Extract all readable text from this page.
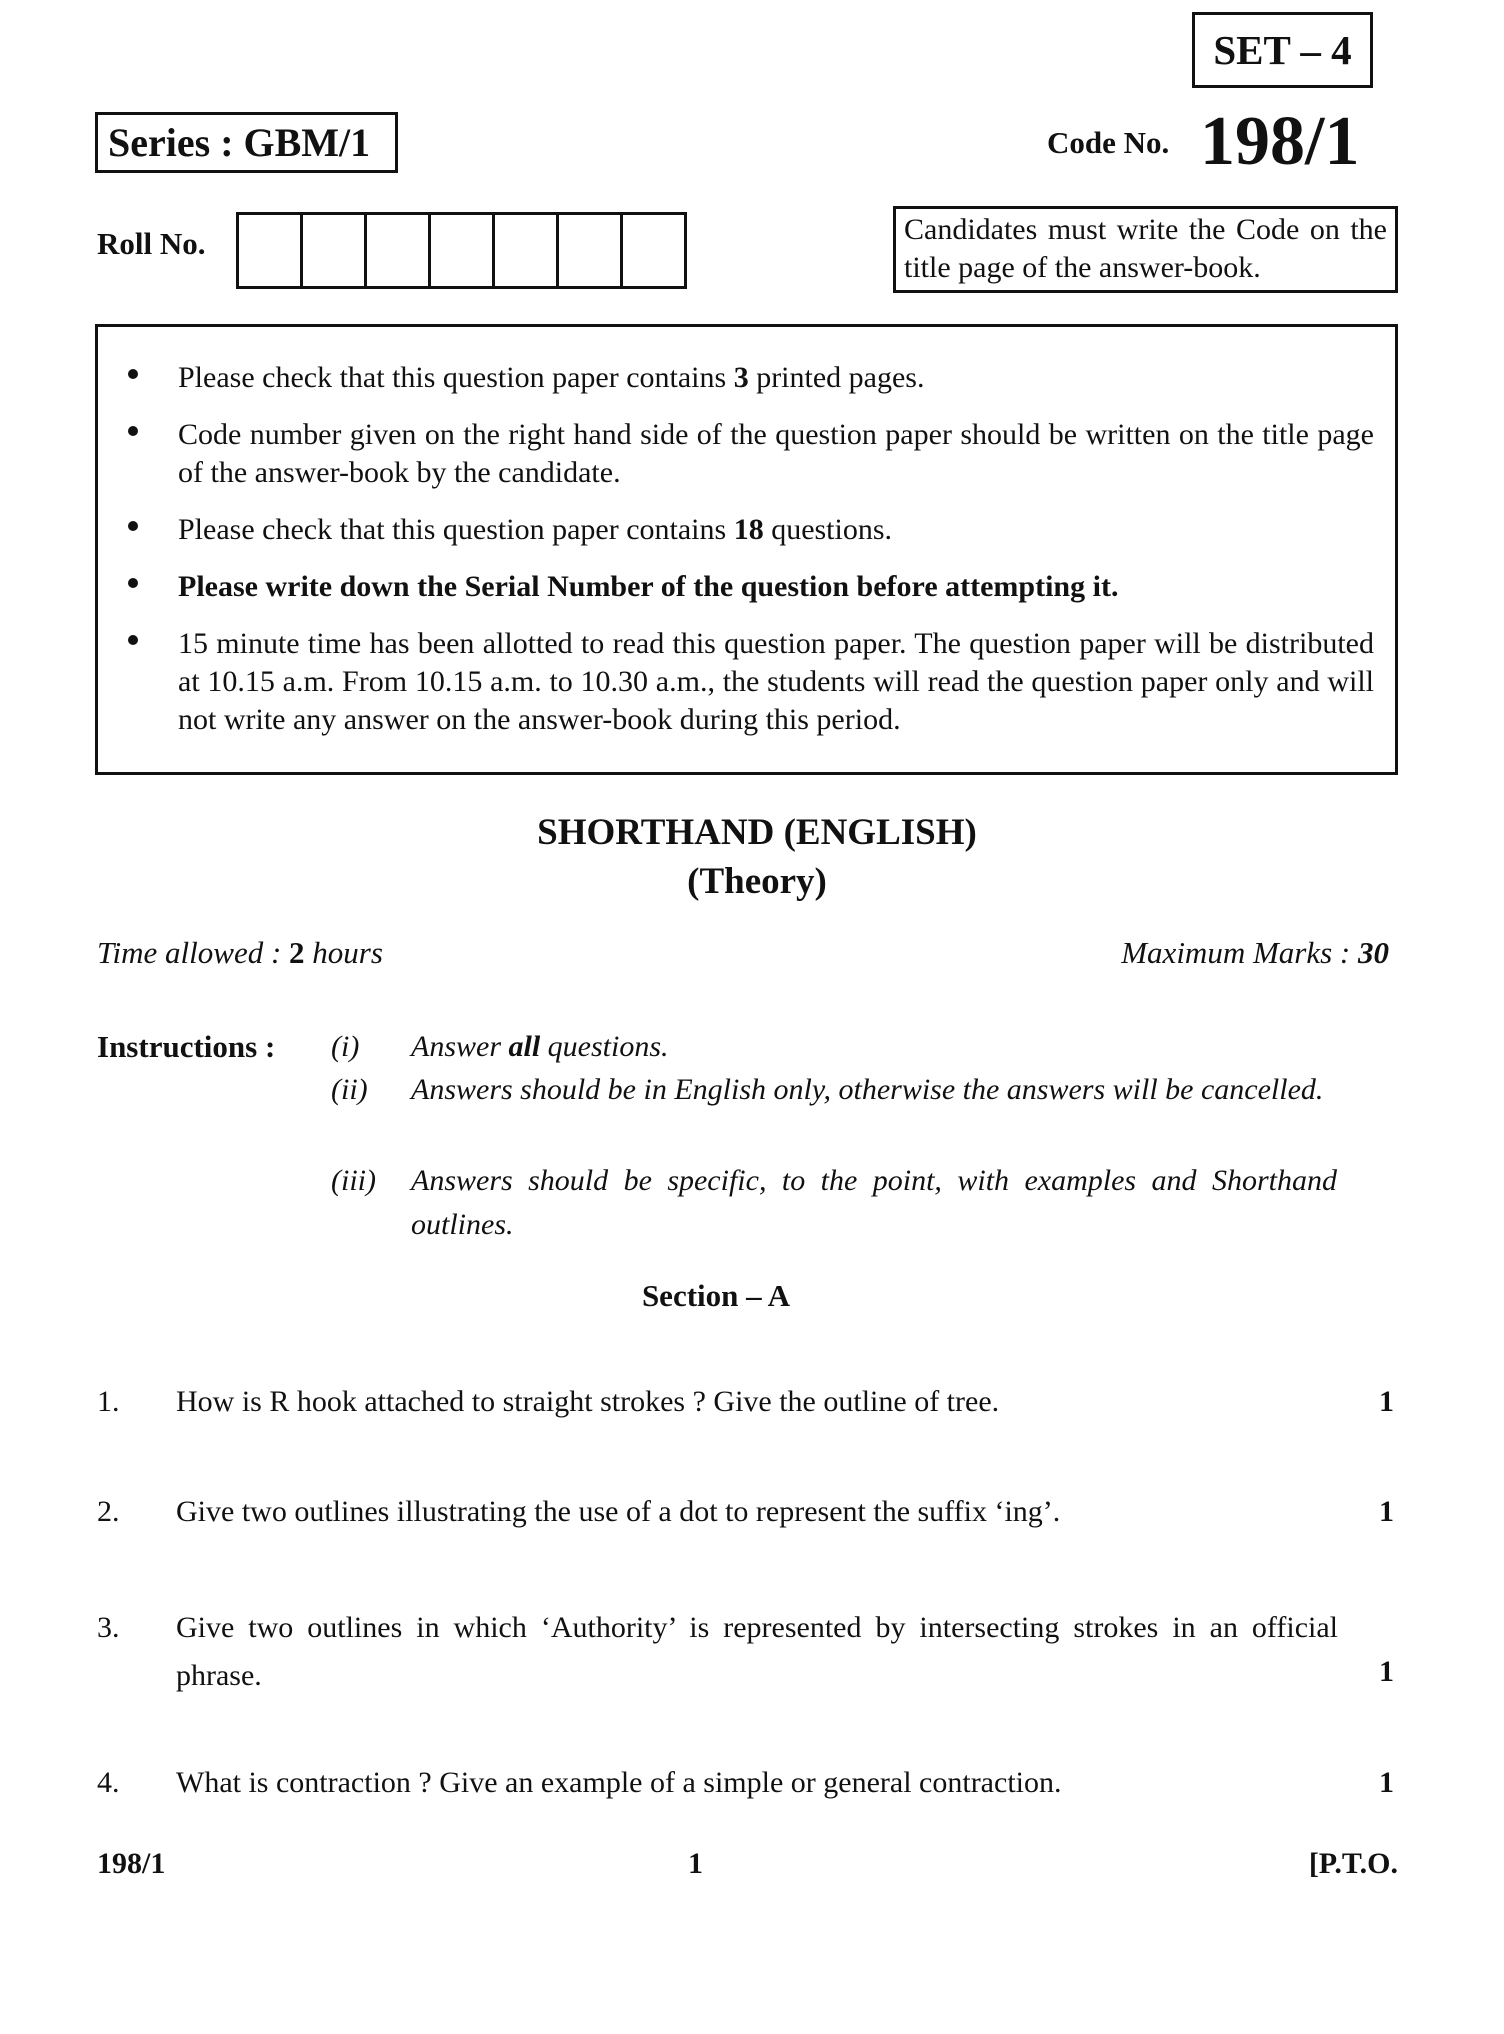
SET – 4
Series : GBM/1	Code No. 198/1
Roll No.	Candidates must write the Code on the title page of the answer-book.
Please check that this question paper contains 3 printed pages.
Code number given on the right hand side of the question paper should be written on the title page of the answer-book by the candidate.
Please check that this question paper contains 18 questions.
Please write down the Serial Number of the question before attempting it.
15 minute time has been allotted to read this question paper. The question paper will be distributed at 10.15 a.m. From 10.15 a.m. to 10.30 a.m., the students will read the question paper only and will not write any answer on the answer-book during this period.
SHORTHAND (ENGLISH)
(Theory)
Time allowed : 2 hours	Maximum Marks : 30
Instructions : (i) Answer all questions.
(ii) Answers should be in English only, otherwise the answers will be cancelled.
(iii) Answers should be specific, to the point, with examples and Shorthand outlines.
Section – A
1. How is R hook attached to straight strokes ? Give the outline of tree.	1
2. Give two outlines illustrating the use of a dot to represent the suffix ‘ing’.	1
3. Give two outlines in which ‘Authority’ is represented by intersecting strokes in an official phrase.	1
4. What is contraction ? Give an example of a simple or general contraction.	1
198/1	1	[P.T.O.
